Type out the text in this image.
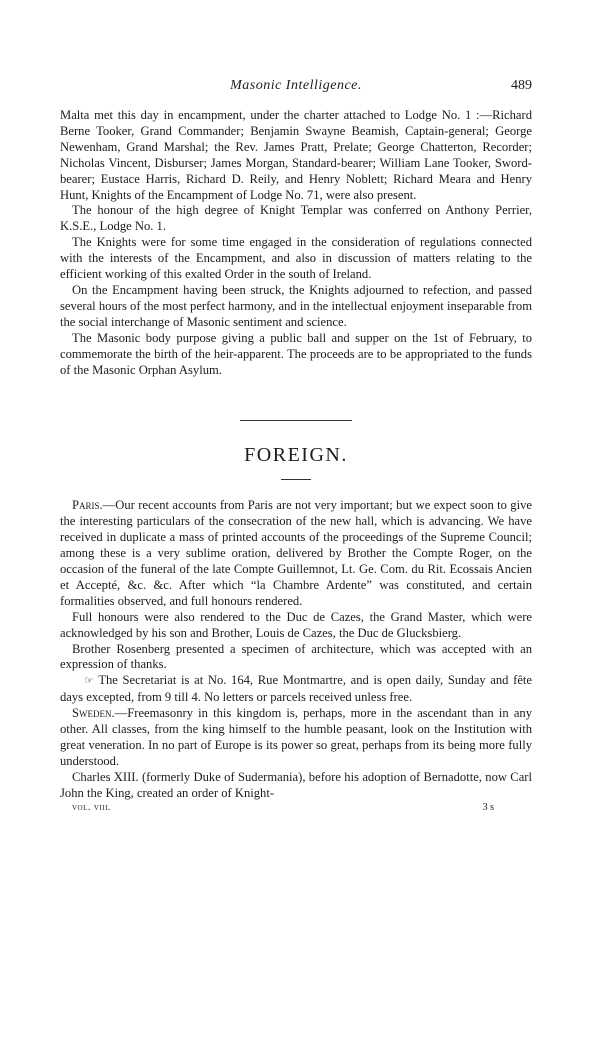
Masonic Intelligence.	489

Malta met this day in encampment, under the charter attached to Lodge No. 1 :—Richard Berne Tooker, Grand Commander; Benjamin Swayne Beamish, Captain-general; George Newenham, Grand Marshal; the Rev. James Pratt, Prelate; George Chatterton, Recorder; Nicholas Vincent, Disburser; James Morgan, Standard-bearer; William Lane Tooker, Sword-bearer; Eustace Harris, Richard D. Reily, and Henry Noblett; Richard Meara and Henry Hunt, Knights of the Encampment of Lodge No. 71, were also present.

The honour of the high degree of Knight Templar was conferred on Anthony Perrier, K.S.E., Lodge No. 1.

The Knights were for some time engaged in the consideration of regulations connected with the interests of the Encampment, and also in discussion of matters relating to the efficient working of this exalted Order in the south of Ireland.

On the Encampment having been struck, the Knights adjourned to refection, and passed several hours of the most perfect harmony, and in the intellectual enjoyment inseparable from the social interchange of Masonic sentiment and science.

The Masonic body purpose giving a public ball and supper on the 1st of February, to commemorate the birth of the heir-apparent. The proceeds are to be appropriated to the funds of the Masonic Orphan Asylum.

FOREIGN.

Paris.—Our recent accounts from Paris are not very important; but we expect soon to give the interesting particulars of the consecration of the new hall, which is advancing. We have received in duplicate a mass of printed accounts of the proceedings of the Supreme Council; among these is a very sublime oration, delivered by Brother the Compte Roger, on the occasion of the funeral of the late Compte Guillemnot, Lt. Ge. Com. du Rit. Ecossais Ancien et Accepté, &c. &c. After which “la Chambre Ardente” was constituted, and certain formalities observed, and full honours rendered.

Full honours were also rendered to the Duc de Cazes, the Grand Master, which were acknowledged by his son and Brother, Louis de Cazes, the Duc de Glucksbierg.

Brother Rosenberg presented a specimen of architecture, which was accepted with an expression of thanks.

☞ The Secretariat is at No. 164, Rue Montmartre, and is open daily, Sunday and fête days excepted, from 9 till 4. No letters or parcels received unless free.

Sweden.—Freemasonry in this kingdom is, perhaps, more in the ascendant than in any other. All classes, from the king himself to the humble peasant, look on the Institution with great veneration. In no part of Europe is its power so great, perhaps from its being more fully understood.

Charles XIII. (formerly Duke of Sudermania), before his adoption of Bernadotte, now Carl John the King, created an order of Knight-

vol. viii.	3 s
